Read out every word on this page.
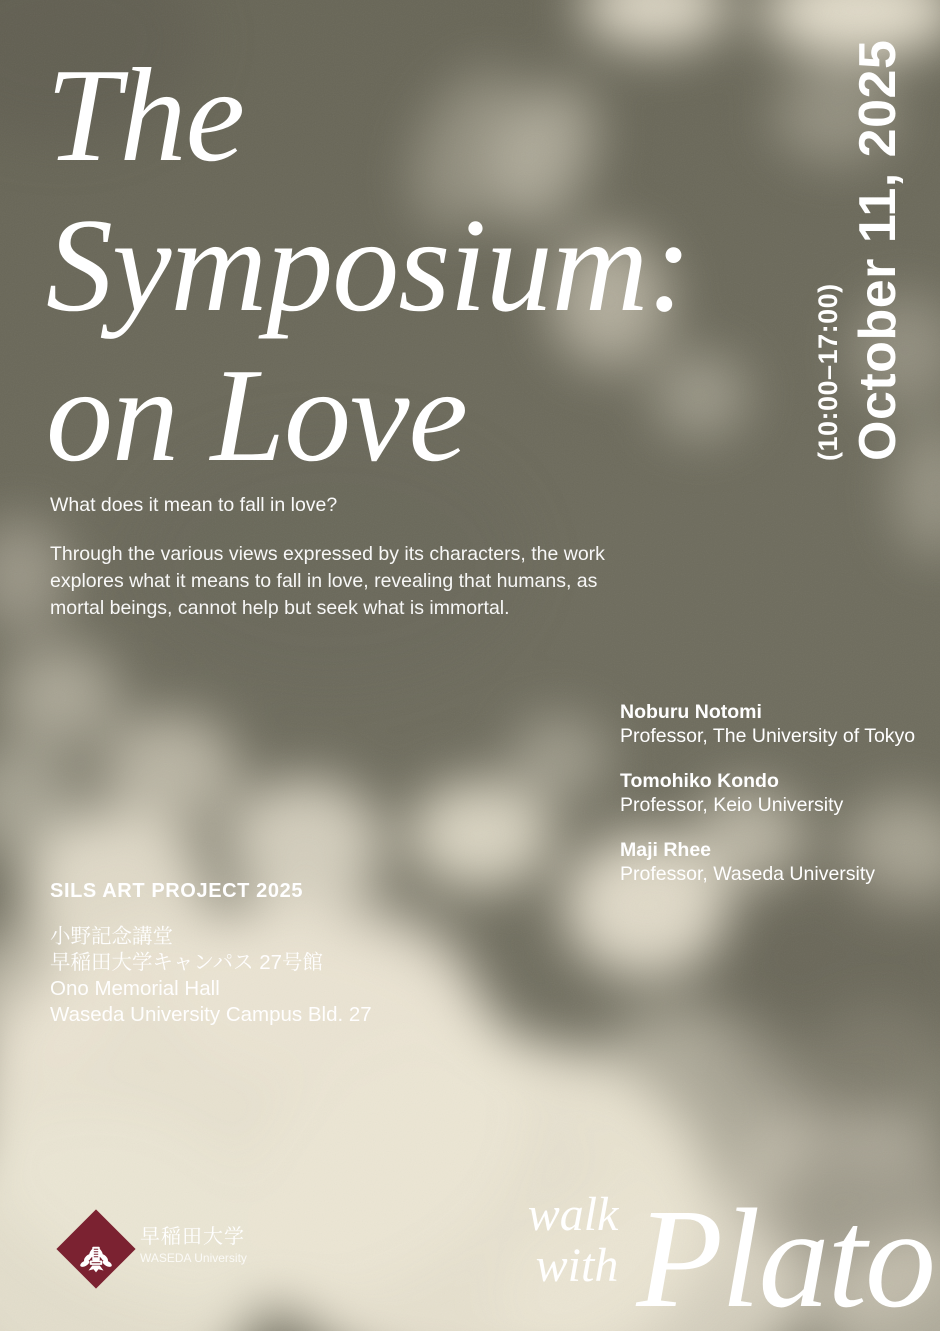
The
Symposium:
on Love	(10:00–17:00) October 11, 2025
What does it mean to fall in love?
Through the various views expressed by its characters, the work explores what it means to fall in love, revealing that humans, as mortal beings, cannot help but seek what is immortal.
Noburu Notomi
Professor, The University of Tokyo
Tomohiko Kondo
Professor, Keio University
Maji Rhee
Professor, Waseda University
SILS ART PROJECT 2025
小野記念講堂
早稲田大学キャンパス 27号館
Ono Memorial Hall
Waseda University Campus Bld. 27
早稲田大学
WASEDA University
walk
with Plato
